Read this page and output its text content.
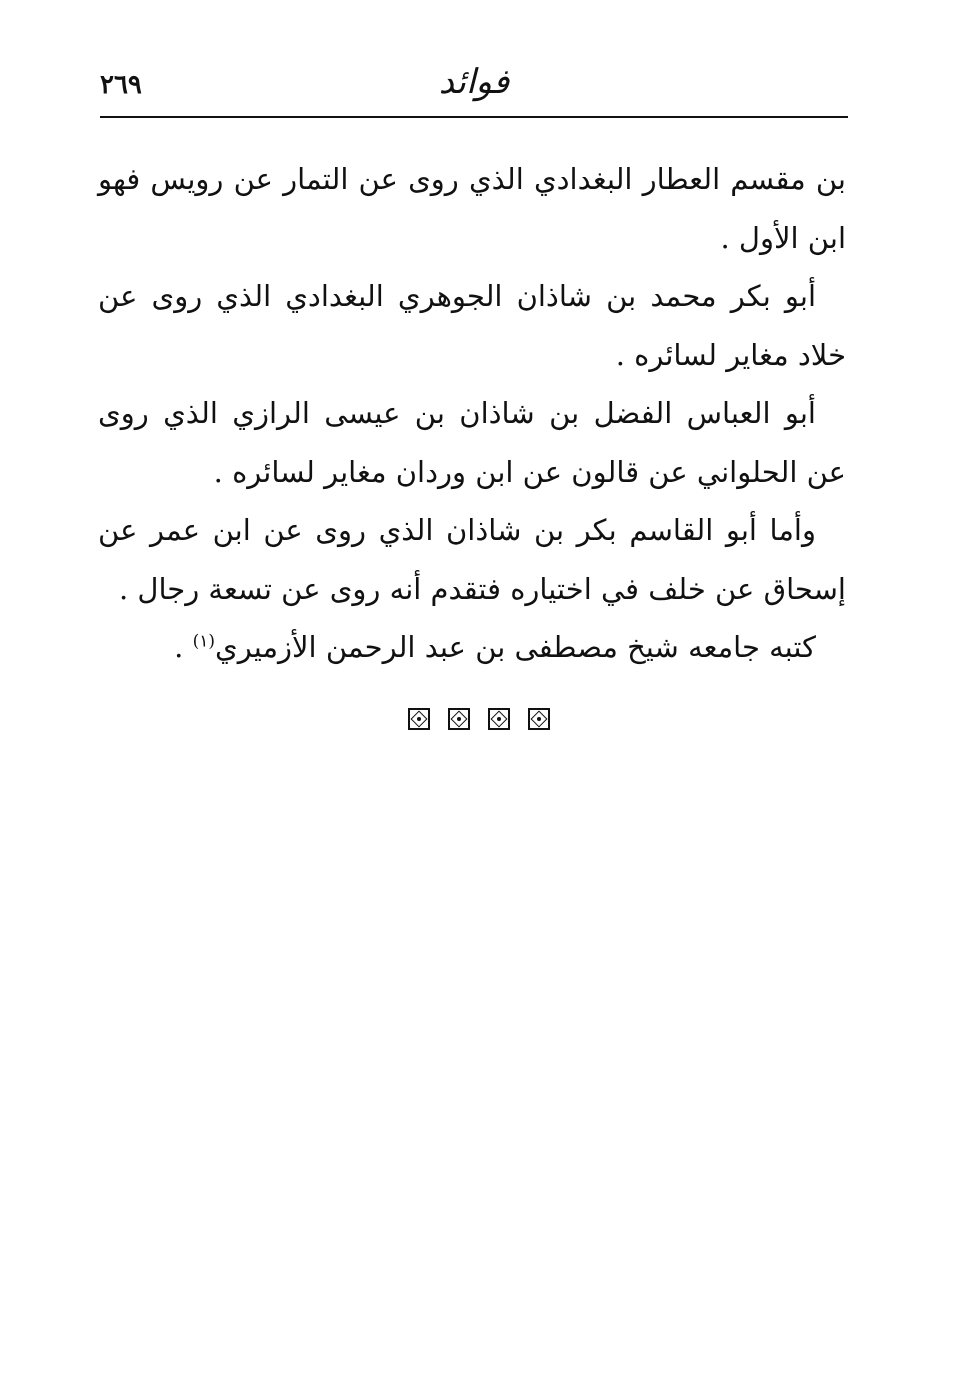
٢٦٩	فوائد

بن مقسم العطار البغدادي الذي روى عن التمار عن رويس فهو ابن الأول .

أبو بكر محمد بن شاذان الجوهري البغدادي الذي روى عن خلاد مغاير لسائره .

أبو العباس الفضل بن شاذان بن عيسى الرازي الذي روى عن الحلواني عن قالون عن ابن وردان مغاير لسائره .

وأما أبو القاسم بكر بن شاذان الذي روى عن ابن عمر عن إسحاق عن خلف في اختياره فتقدم أنه روى عن تسعة رجال .

كتبه جامعه شيخ مصطفى بن عبد الرحمن الأزميري$^{(١)}$ .
